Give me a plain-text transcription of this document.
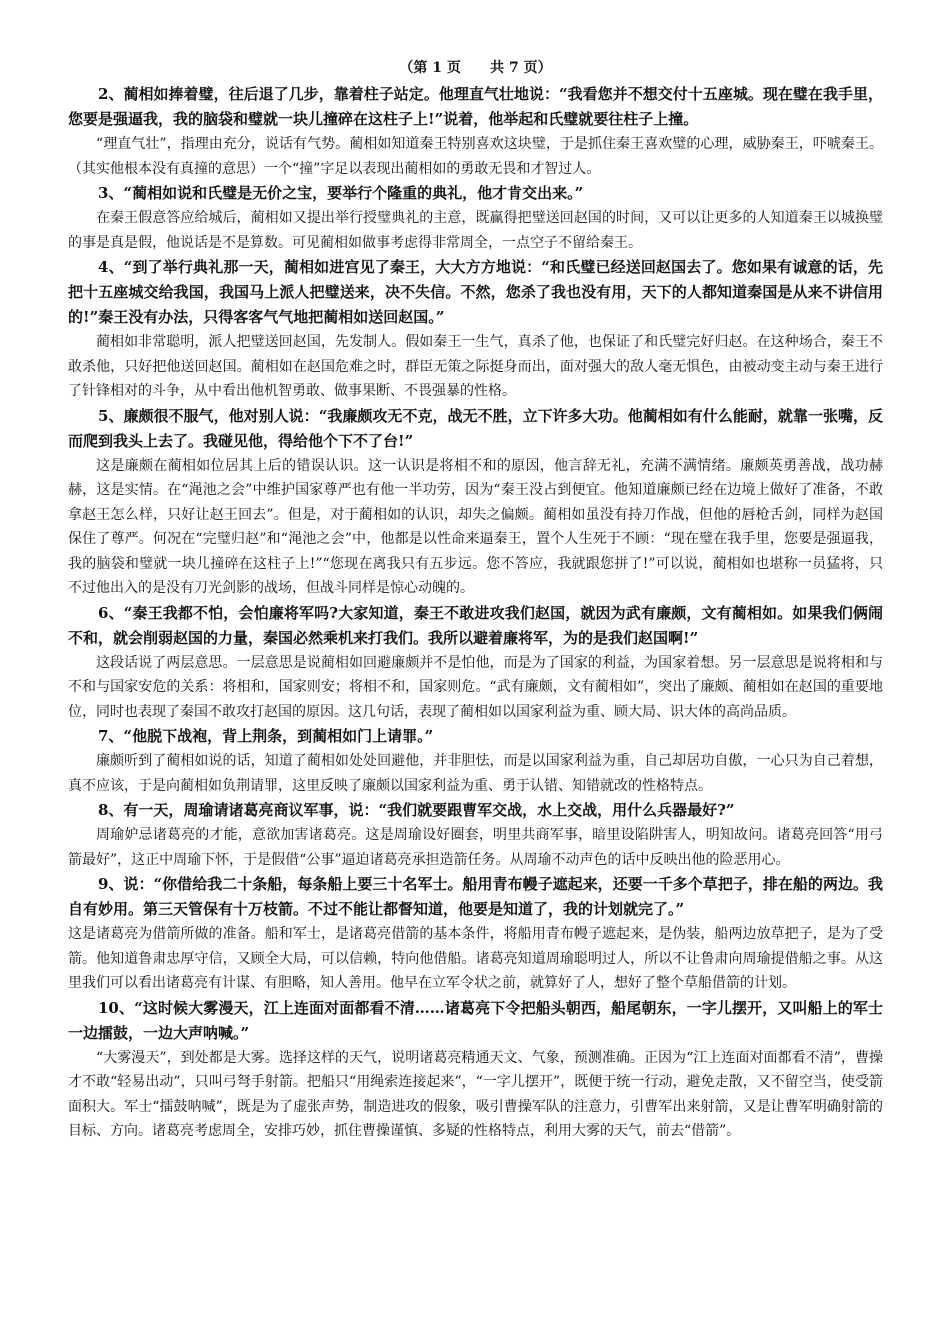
（第 1 页      共 7 页）

2、蔺相如捧着璧，往后退了几步，靠着柱子站定。他理直气壮地说：“我看您并不想交付十五座城。现在璧在我手里，您要是强逼我，我的脑袋和璧就一块儿撞碎在这柱子上!”说着，他举起和氏璧就要往柱子上撞。

“理直气壮”，指理由充分，说话有气势。蔺相如知道秦王特别喜欢这块璧，于是抓住秦王喜欢璧的心理，威胁秦王，吓唬秦王。（其实他根本没有真撞的意思）一个“撞”字足以表现出蔺相如的勇敢无畏和才智过人。

3、“蔺相如说和氏璧是无价之宝，要举行个隆重的典礼，他才肯交出来。”

在秦王假意答应给城后，蔺相如又提出举行授璧典礼的主意，既赢得把璧送回赵国的时间，又可以让更多的人知道秦王以城换璧的事是真是假，他说话是不是算数。可见蔺相如做事考虑得非常周全，一点空子不留给秦王。

4、“到了举行典礼那一天，蔺相如进宫见了秦王，大大方方地说：“和氏璧已经送回赵国去了。您如果有诚意的话，先把十五座城交给我国，我国马上派人把璧送来，决不失信。不然，您杀了我也没有用，天下的人都知道秦国是从来不讲信用的!”秦王没有办法，只得客客气气地把蔺相如送回赵国。”

蔺相如非常聪明，派人把璧送回赵国，先发制人。假如秦王一生气，真杀了他，也保证了和氏璧完好归赵。在这种场合，秦王不敢杀他，只好把他送回赵国。蔺相如在赵国危难之时，群臣无策之际挺身而出，面对强大的敌人毫无惧色，由被动变主动与秦王进行了针锋相对的斗争，从中看出他机智勇敢、做事果断、不畏强暴的性格。

5、廉颇很不服气，他对别人说：“我廉颇攻无不克，战无不胜，立下许多大功。他蔺相如有什么能耐，就靠一张嘴，反而爬到我头上去了。我碰见他，得给他个下不了台!”

这是廉颇在蔺相如位居其上后的错误认识。这一认识是将相不和的原因，他言辞无礼，充满不满情绪。廉颇英勇善战，战功赫赫，这是实情。在“渑池之会”中维护国家尊严也有他一半功劳，因为“秦王没占到便宜。他知道廉颇已经在边境上做好了准备，不敢拿赵王怎么样，只好让赵王回去”。但是，对于蔺相如的认识，却失之偏颇。蔺相如虽没有持刀作战，但他的唇枪舌剑，同样为赵国保住了尊严。何况在“完璧归赵”和“渑池之会”中，他都是以性命来逼秦王，置个人生死于不顾：“现在璧在我手里，您要是强逼我，我的脑袋和璧就一块儿撞碎在这柱子上!”“您现在离我只有五步远。您不答应，我就跟您拼了!”可以说，蔺相如也堪称一员猛将，只不过他出入的是没有刀光剑影的战场，但战斗同样是惊心动魄的。

6、“秦王我都不怕，会怕廉将军吗?大家知道，秦王不敢进攻我们赵国，就因为武有廉颇，文有蔺相如。如果我们俩闹不和，就会削弱赵国的力量，秦国必然乘机来打我们。我所以避着廉将军，为的是我们赵国啊!”

这段话说了两层意思。一层意思是说蔺相如回避廉颇并不是怕他，而是为了国家的利益，为国家着想。另一层意思是说将相和与不和与国家安危的关系：将相和，国家则安；将相不和，国家则危。“武有廉颇，文有蔺相如”，突出了廉颇、蔺相如在赵国的重要地位，同时也表现了秦国不敢攻打赵国的原因。这几句话，表现了蔺相如以国家利益为重、顾大局、识大体的高尚品质。

7、“他脱下战袍，背上荆条，到蔺相如门上请罪。”

廉颇听到了蔺相如说的话，知道了蔺相如处处回避他，并非胆怯，而是以国家利益为重，自己却居功自傲，一心只为自己着想，真不应该，于是向蔺相如负荆请罪，这里反映了廉颇以国家利益为重、勇于认错、知错就改的性格特点。

8、有一天，周瑜请诸葛亮商议军事，说：“我们就要跟曹军交战，水上交战，用什么兵器最好?”

周瑜妒忌诸葛亮的才能，意欲加害诸葛亮。这是周瑜设好圈套，明里共商军事，暗里设陷阱害人，明知故问。诸葛亮回答“用弓箭最好”，这正中周瑜下怀，于是假借“公事”逼迫诸葛亮承担造箭任务。从周瑜不动声色的话中反映出他的险恶用心。

9、说：“你借给我二十条船，每条船上要三十名军士。船用青布幔子遮起来，还要一千多个草把子，排在船的两边。我自有妙用。第三天管保有十万枝箭。不过不能让都督知道，他要是知道了，我的计划就完了。”

这是诸葛亮为借箭所做的准备。船和军士，是诸葛亮借箭的基本条件，将船用青布幔子遮起来，是伪装，船两边放草把子，是为了受箭。他知道鲁肃忠厚守信，又顾全大局，可以信赖，特向他借船。诸葛亮知道周瑜聪明过人，所以不让鲁肃向周瑜提借船之事。从这里我们可以看出诸葛亮有计谋、有胆略，知人善用。他早在立军令状之前，就算好了人，想好了整个草船借箭的计划。

10、“这时候大雾漫天，江上连面对面都看不清……诸葛亮下令把船头朝西，船尾朝东，一字儿摆开，又叫船上的军士一边擂鼓，一边大声呐喊。”

“大雾漫天”，到处都是大雾。选择这样的天气，说明诸葛亮精通天文、气象，预测准确。正因为“江上连面对面都看不清”，曹操才不敢“轻易出动”，只叫弓弩手射箭。把船只“用绳索连接起来”，“一字儿摆开”，既便于统一行动，避免走散，又不留空当，使受箭面积大。军士“擂鼓呐喊”，既是为了虚张声势，制造进攻的假象，吸引曹操军队的注意力，引曹军出来射箭，又是让曹军明确射箭的目标、方向。诸葛亮考虑周全，安排巧妙，抓住曹操谨慎、多疑的性格特点，利用大雾的天气，前去“借箭”。
